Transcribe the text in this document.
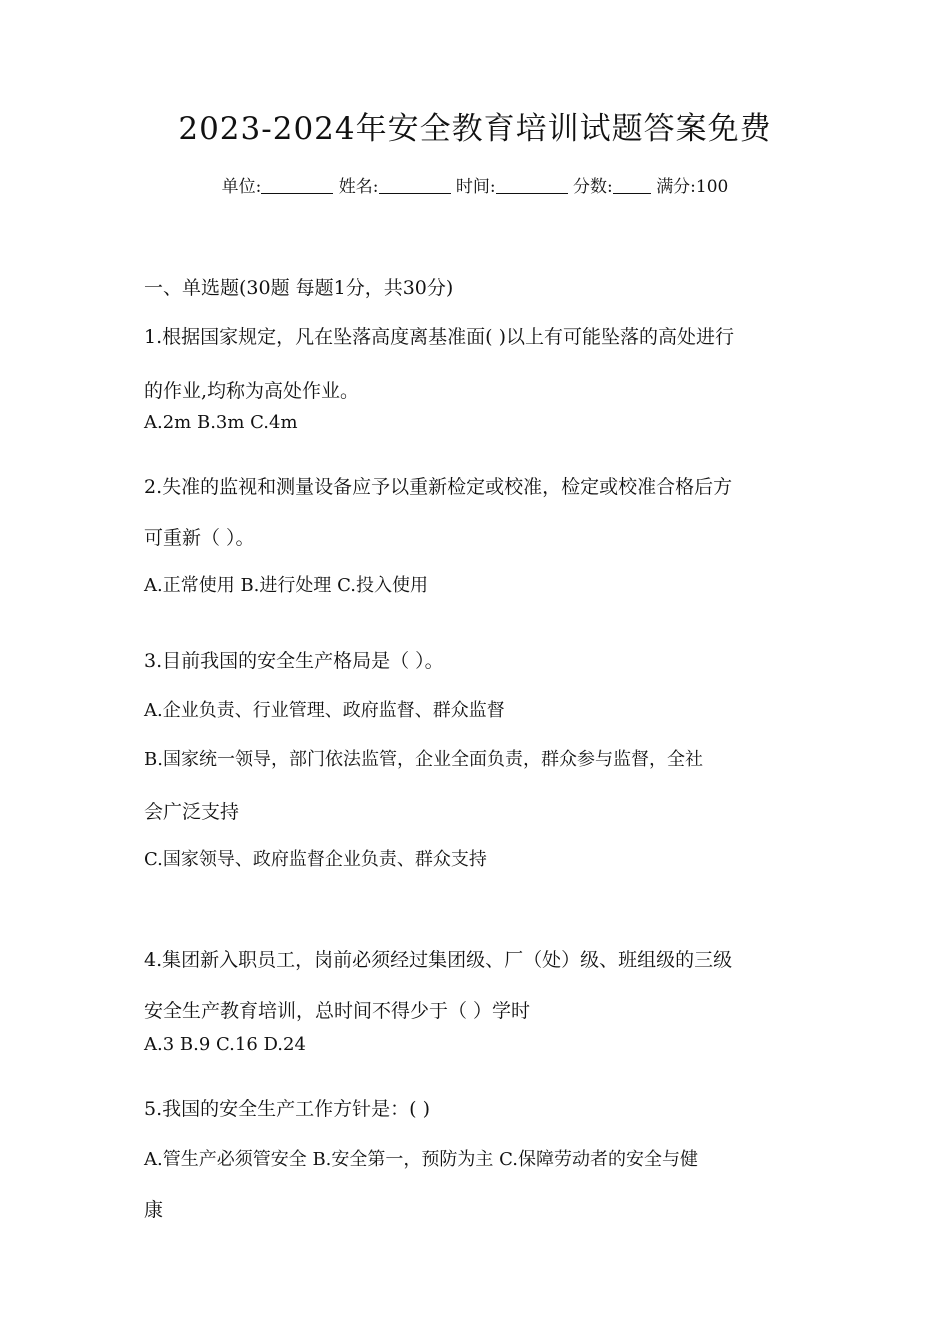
2023-2024年安全教育培训试题答案免费
单位:	姓名:	时间:	分数:	满分:100
一、单选题(30题 每题1分，共30分)
1.根据国家规定，凡在坠落高度离基准面( )以上有可能坠落的高处进行
的作业,均称为高处作业。
A.2m B.3m C.4m
2.失准的监视和测量设备应予以重新检定或校准，检定或校准合格后方
可重新（ ）。
A.正常使用 B.进行处理 C.投入使用
3.目前我国的安全生产格局是（ ）。
A.企业负责、行业管理、政府监督、群众监督
B.国家统一领导，部门依法监管，企业全面负责，群众参与监督，全社
会广泛支持
C.国家领导、政府监督企业负责、群众支持
4.集团新入职员工，岗前必须经过集团级、厂（处）级、班组级的三级
安全生产教育培训，总时间不得少于（ ）学时
A.3 B.9 C.16 D.24
5.我国的安全生产工作方针是：( )
A.管生产必须管安全 B.安全第一，预防为主 C.保障劳动者的安全与健
康
